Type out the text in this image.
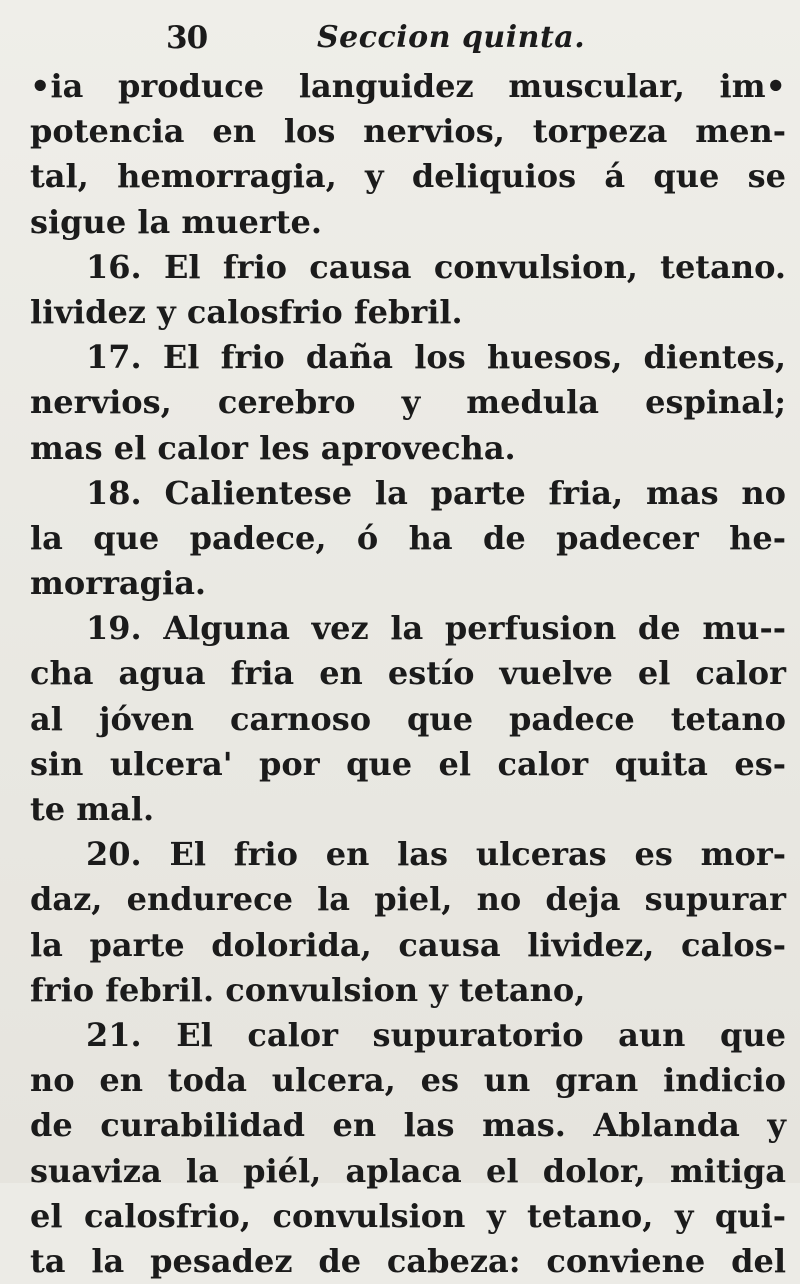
30	Seccion quinta.
•ia produce languidez muscular, im•
potencia en los nervios, torpeza men-
tal, hemorragia, y deliquios á que se
sigue la muerte.
16. El frio causa convulsion, tetano.
lividez y calosfrio febril.
17. El frio daña los huesos, dientes,
nervios, cerebro y medula espinal;
mas el calor les aprovecha.
18. Calientese la parte fria, mas no
la que padece, ó ha de padecer he-
morragia.
19. Alguna vez la perfusion de mu--
cha agua fria en estío vuelve el calor
al jóven carnoso que padece tetano
sin ulcera' por que el calor quita es-
te mal.
20. El frio en las ulceras es mor-
daz, endurece la piel, no deja supurar
la parte dolorida, causa lividez, calos-
frio febril. convulsion y tetano,
21. El calor supuratorio aun que
no en toda ulcera, es un gran indicio
de curabilidad en las mas. Ablanda y
suaviza la piél, aplaca el dolor, mitiga
el calosfrio, convulsion y tetano, y qui-
ta la pesadez de cabeza: conviene del
